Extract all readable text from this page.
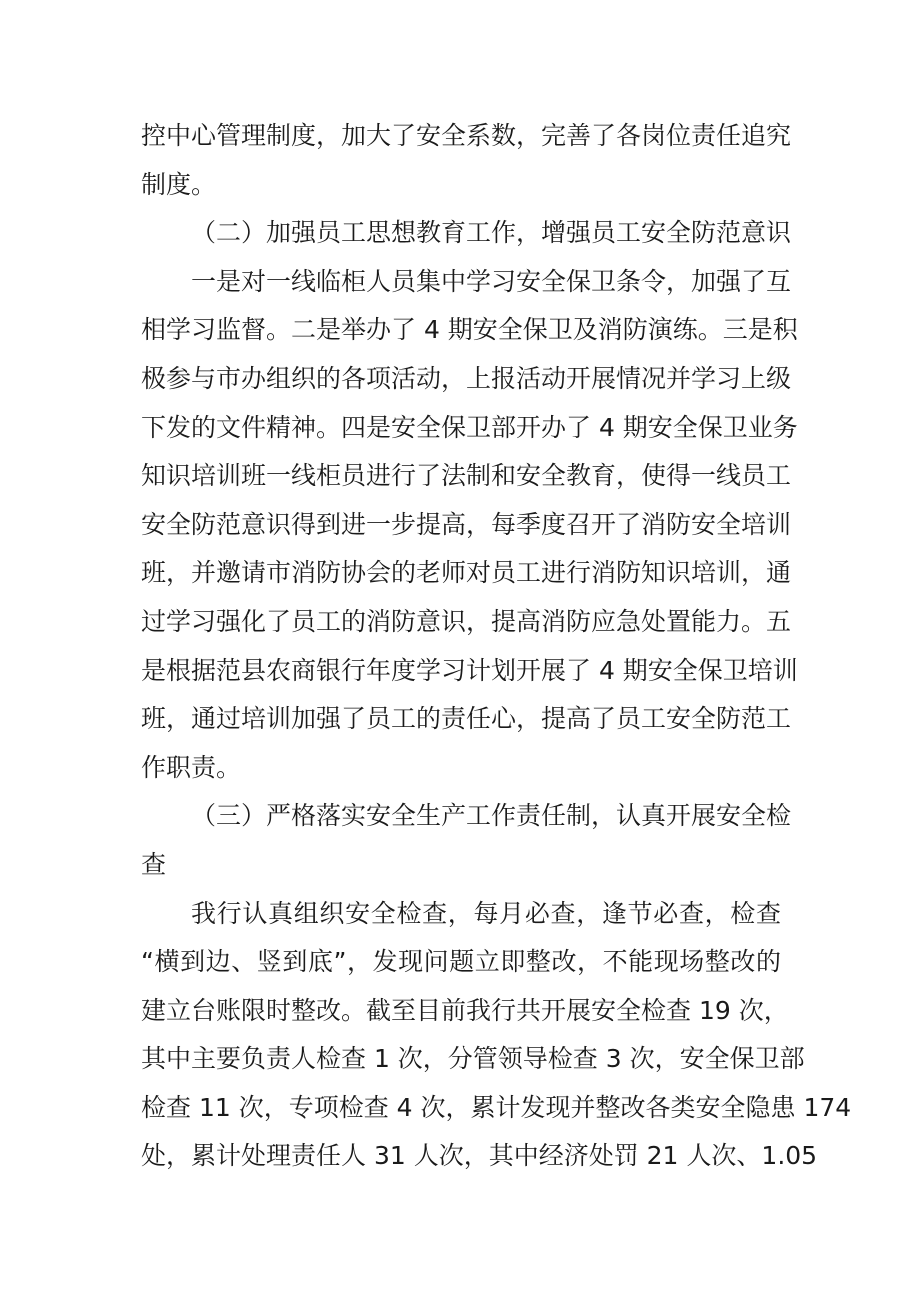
控中心管理制度，加大了安全系数，完善了各岗位责任追究
制度。
（二）加强员工思想教育工作，增强员工安全防范意识
一是对一线临柜人员集中学习安全保卫条令，加强了互
相学习监督。二是举办了 4 期安全保卫及消防演练。三是积
极参与市办组织的各项活动，上报活动开展情况并学习上级
下发的文件精神。四是安全保卫部开办了 4 期安全保卫业务
知识培训班一线柜员进行了法制和安全教育，使得一线员工
安全防范意识得到进一步提高，每季度召开了消防安全培训
班，并邀请市消防协会的老师对员工进行消防知识培训，通
过学习强化了员工的消防意识，提高消防应急处置能力。五
是根据范县农商银行年度学习计划开展了 4 期安全保卫培训
班，通过培训加强了员工的责任心，提高了员工安全防范工
作职责。
（三）严格落实安全生产工作责任制，认真开展安全检
查
我行认真组织安全检查，每月必查，逢节必查，检查
“横到边、竖到底”，发现问题立即整改，不能现场整改的
建立台账限时整改。截至目前我行共开展安全检查 19 次，
其中主要负责人检查 1 次，分管领导检查 3 次，安全保卫部
检查 11 次，专项检查 4 次，累计发现并整改各类安全隐患 174
处，累计处理责任人 31 人次，其中经济处罚 21 人次、1.05
